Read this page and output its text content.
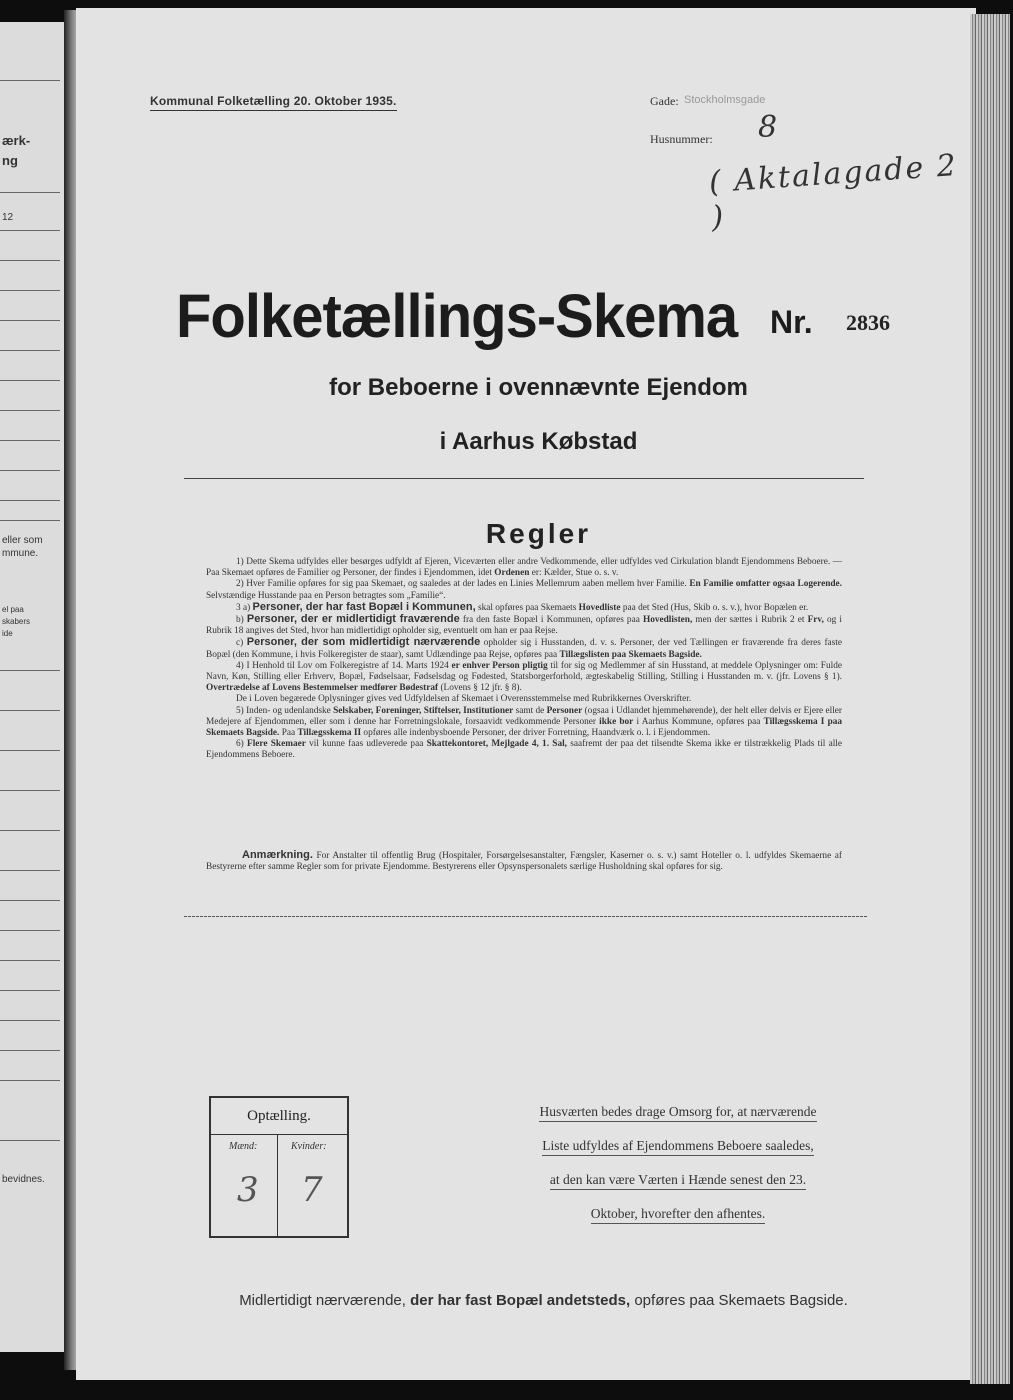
ærk-
ng
12
eller som
mmune.
el paa
skabers
ide
bevidnes.
Kommunal Folketælling 20. Oktober 1935.	Gade: Stockholmsgade
Husnummer: 8
( Aktalagade 2 )
Folketællings-Skema Nr. 2836
for Beboerne i ovennævnte Ejendom
i Aarhus Købstad
Regler

1) Dette Skema udfyldes eller besørges udfyldt af Ejeren, Viceværten eller andre Vedkommende, eller udfyldes ved Cirkulation blandt Ejendommens Beboere. — Paa Skemaet opføres de Familier og Personer, der findes i Ejendommen, idet Ordenen er: Kælder, Stue o. s. v.

2) Hver Familie opføres for sig paa Skemaet, og saaledes at der lades en Linies Mellemrum aaben mellem hver Familie. En Familie omfatter ogsaa Logerende. Selvstændige Husstande paa en Person betragtes som „Familie“.

3 a) Personer, der har fast Bopæl i Kommunen, skal opføres paa Skemaets Hovedliste paa det Sted (Hus, Skib o. s. v.), hvor Bopælen er.

b) Personer, der er midlertidigt fraværende fra den faste Bopæl i Kommunen, opføres paa Hovedlisten, men der sættes i Rubrik 2 et Frv, og i Rubrik 18 angives det Sted, hvor han midlertidigt opholder sig, eventuelt om han er paa Rejse.

c) Personer, der som midlertidigt nærværende opholder sig i Husstanden, d. v. s. Personer, der ved Tællingen er fraværende fra deres faste Bopæl (den Kommune, i hvis Folkeregister de staar), samt Udlændinge paa Rejse, opføres paa Tillægslisten paa Skemaets Bagside.

4) I Henhold til Lov om Folkeregistre af 14. Marts 1924 er enhver Person pligtig til for sig og Medlemmer af sin Husstand, at meddele Oplysninger om: Fulde Navn, Køn, Stilling eller Erhverv, Bopæl, Fødselsaar, Fødselsdag og Fødested, Statsborgerforhold, ægteskabelig Stilling, Stilling i Husstanden m. v. (jfr. Lovens § 1). Overtrædelse af Lovens Bestemmelser medfører Bødestraf (Lovens § 12 jfr. § 8).

De i Loven begærede Oplysninger gives ved Udfyldelsen af Skemaet i Overensstemmelse med Rubrikkernes Overskrifter.

5) Inden- og udenlandske Selskaber, Foreninger, Stiftelser, Institutioner samt de Personer (ogsaa i Udlandet hjemmehørende), der helt eller delvis er Ejere eller Medejere af Ejendommen, eller som i denne har Forretningslokale, forsaavidt vedkommende Personer ikke bor i Aarhus Kommune, opføres paa Tillægsskema I paa Skemaets Bagside. Paa Tillægsskema II opføres alle indenbysboende Personer, der driver Forretning, Haandværk o. l. i Ejendommen.

6) Flere Skemaer vil kunne faas udleverede paa Skattekontoret, Mejlgade 4, 1. Sal, saafremt der paa det tilsendte Skema ikke er tilstrækkelig Plads til alle Ejendommens Beboere.

Anmærkning. For Anstalter til offentlig Brug (Hospitaler, Forsørgelsesanstalter, Fængsler, Kaserner o. s. v.) samt Hoteller o. l. udfyldes Skemaerne af Bestyrerne efter samme Regler som for private Ejendomme. Bestyrerens eller Opsynspersonalets særlige Husholdning skal opføres for sig.

Optælling.
Mænd:	Kvinder:
3 7
Husværten bedes drage Omsorg for, at nærværende
Liste udfyldes af Ejendommens Beboere saaledes,
at den kan være Værten i Hænde senest den 23.
Oktober, hvorefter den afhentes.
Midlertidigt nærværende, der har fast Bopæl andetsteds, opføres paa Skemaets Bagside.
